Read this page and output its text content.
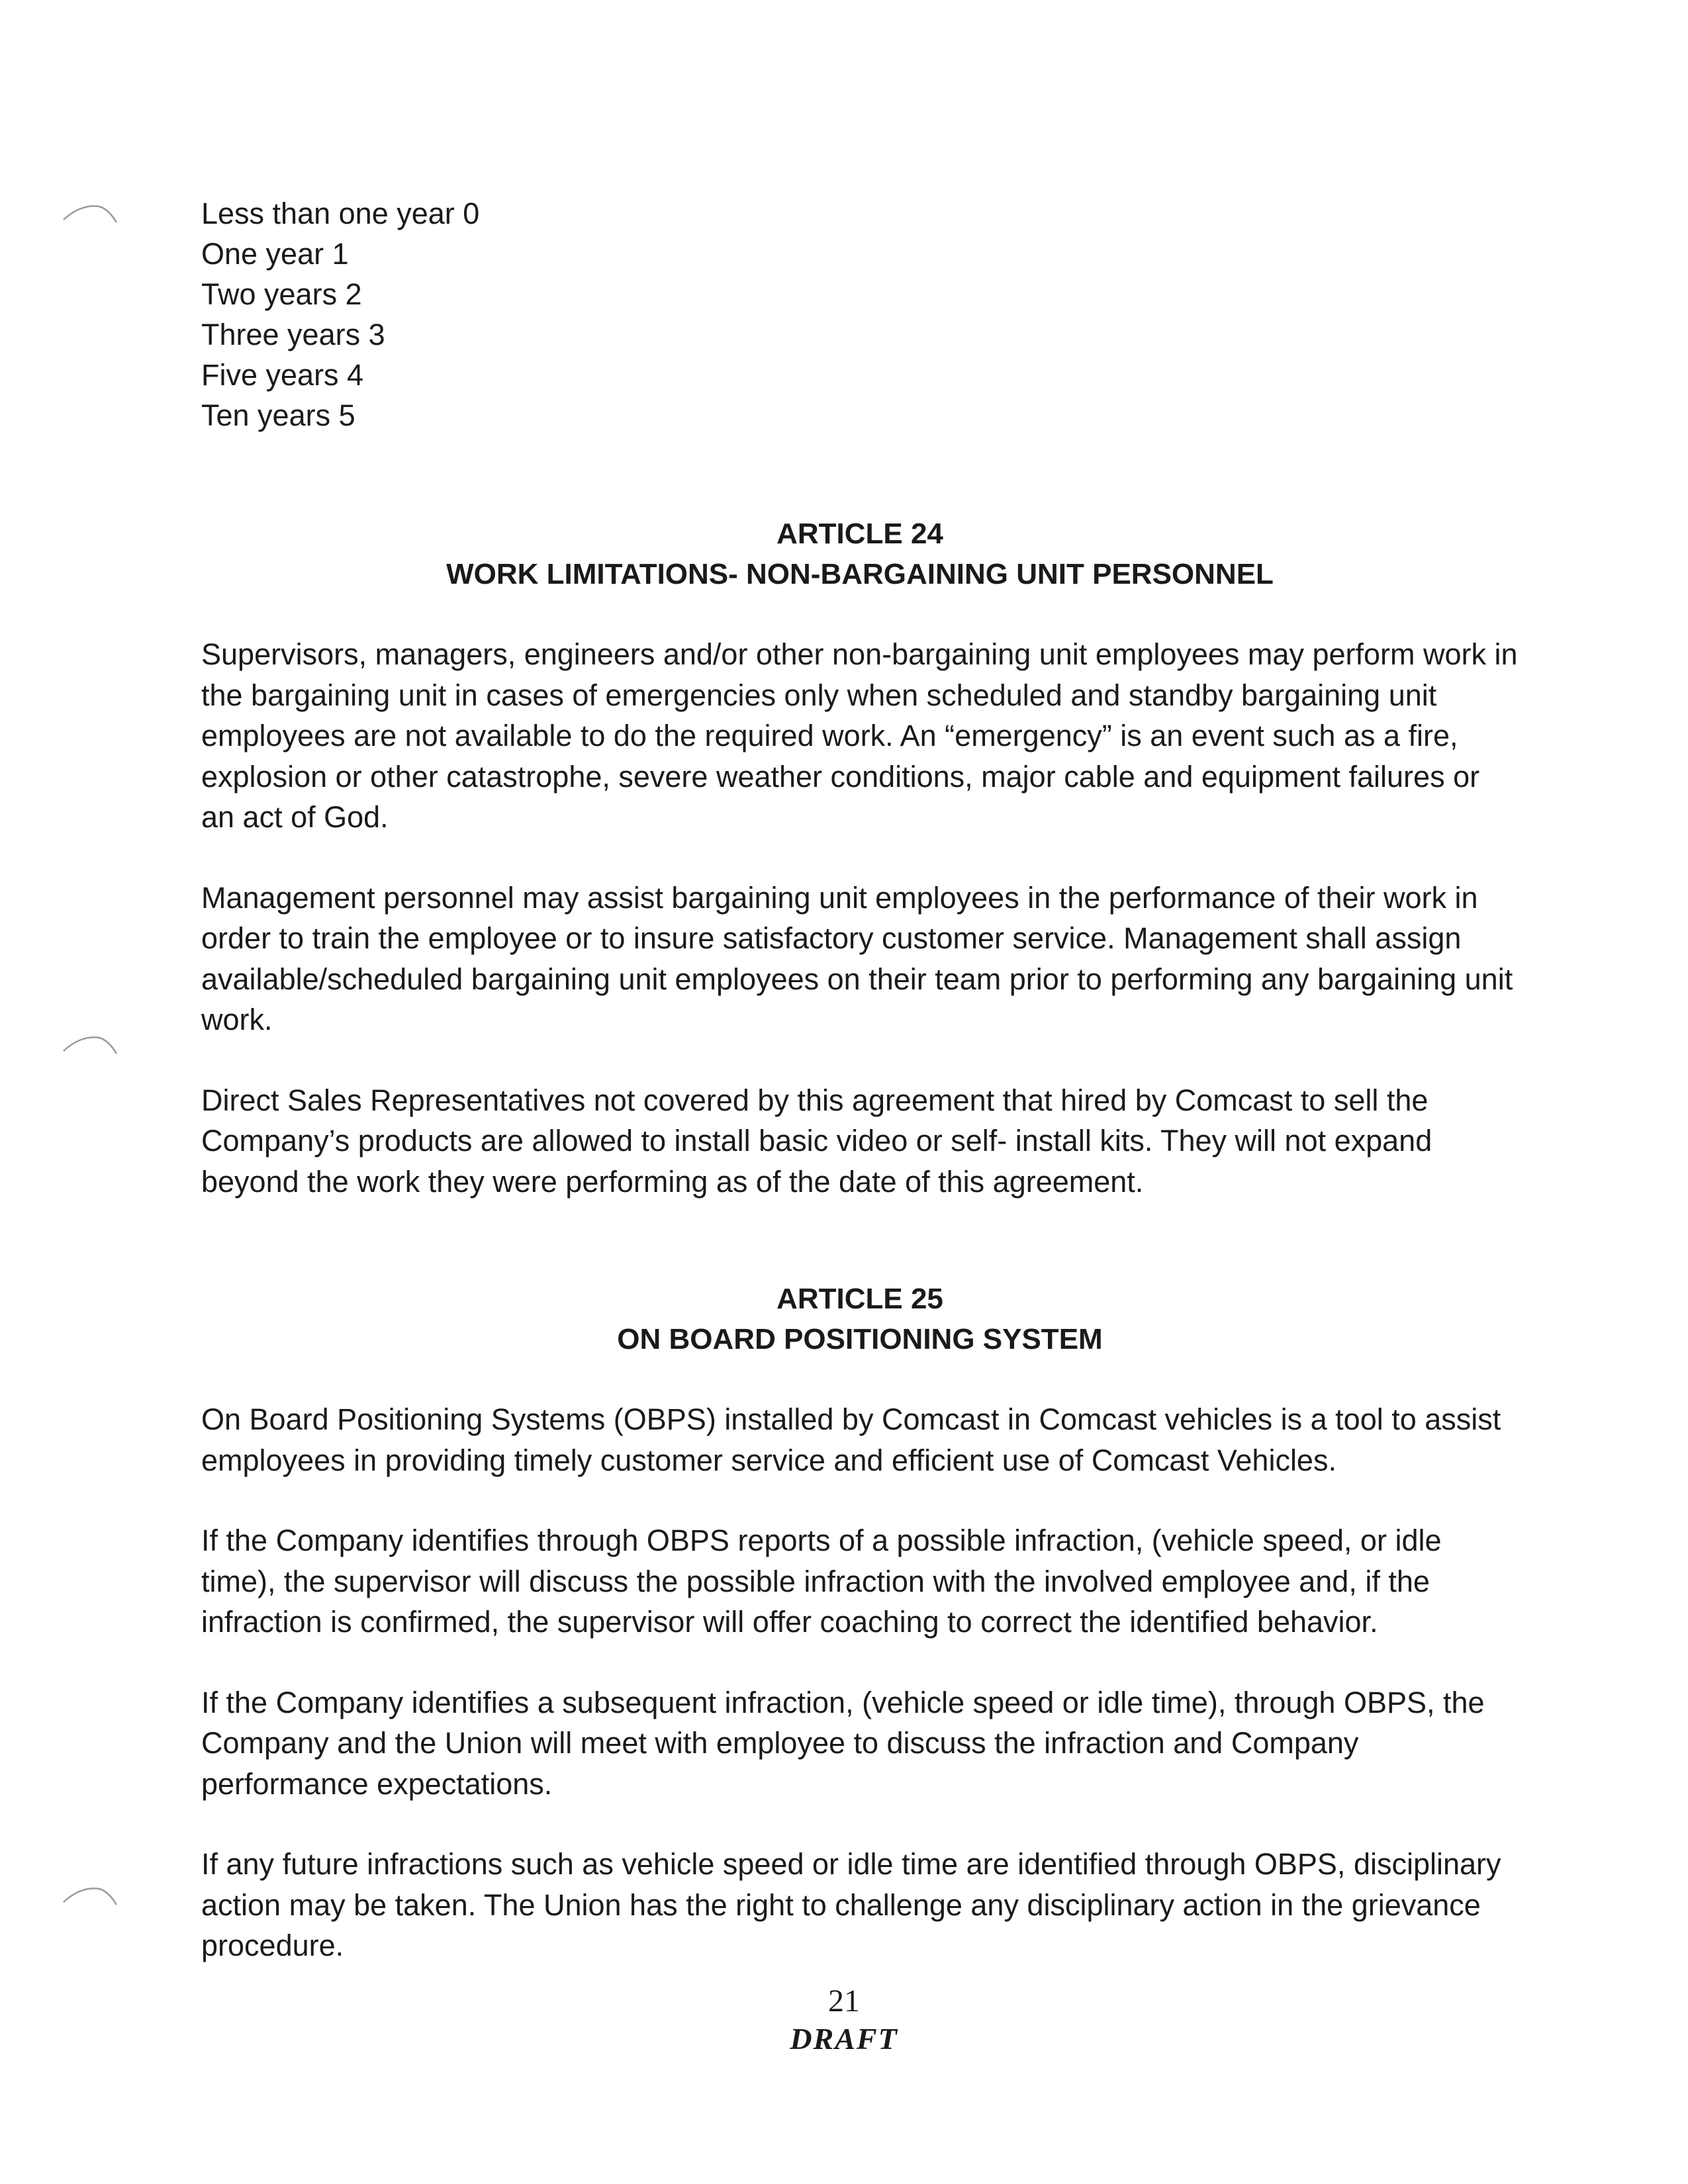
Less than one year 0
One year 1
Two years 2
Three years 3
Five years 4
Ten years 5
ARTICLE 24
WORK LIMITATIONS- NON-BARGAINING UNIT PERSONNEL

Supervisors, managers, engineers and/or other non-bargaining unit employees may perform work in the bargaining unit in cases of emergencies only when scheduled and standby bargaining unit employees are not available to do the required work. An “emergency” is an event such as a fire, explosion or other catastrophe, severe weather conditions, major cable and equipment failures or an act of God.

Management personnel may assist bargaining unit employees in the performance of their work in order to train the employee or to insure satisfactory customer service. Management shall assign available/scheduled bargaining unit employees on their team prior to performing any bargaining unit work.

Direct Sales Representatives not covered by this agreement that hired by Comcast to sell the Company’s products are allowed to install basic video or self- install kits. They will not expand beyond the work they were performing as of the date of this agreement.

ARTICLE 25
ON BOARD POSITIONING SYSTEM

On Board Positioning Systems (OBPS) installed by Comcast in Comcast vehicles is a tool to assist employees in providing timely customer service and efficient use of Comcast Vehicles.

If the Company identifies through OBPS reports of a possible infraction, (vehicle speed, or idle time), the supervisor will discuss the possible infraction with the involved employee and, if the infraction is confirmed, the supervisor will offer coaching to correct the identified behavior.

If the Company identifies a subsequent infraction, (vehicle speed or idle time), through OBPS, the Company and the Union will meet with employee to discuss the infraction and Company performance expectations.

If any future infractions such as vehicle speed or idle time are identified through OBPS, disciplinary action may be taken. The Union has the right to challenge any disciplinary action in the grievance procedure.

21
DRAFT
